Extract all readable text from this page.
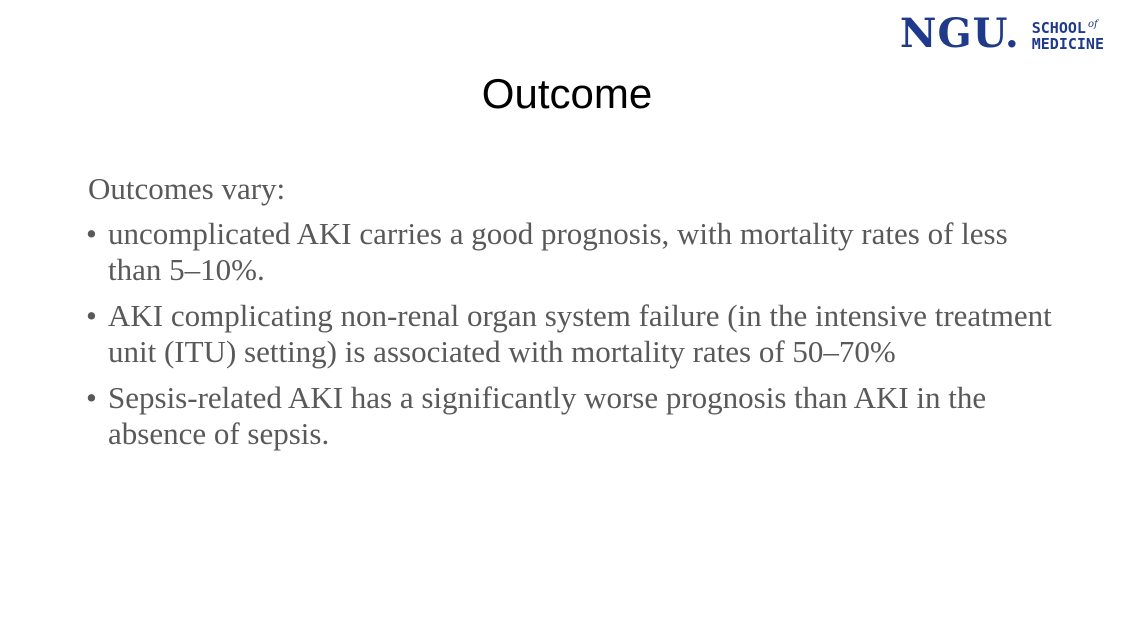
NGU. SCHOOL $^{of}$
MEDICINE
Outcome
Outcomes vary:
• uncomplicated AKI carries a good prognosis, with mortality rates of less than 5–10%.
• AKI complicating non-renal organ system failure (in the intensive treatment unit (ITU) setting) is associated with mortality rates of 50–70%
• Sepsis-related AKI has a significantly worse prognosis than AKI in the absence of sepsis.
